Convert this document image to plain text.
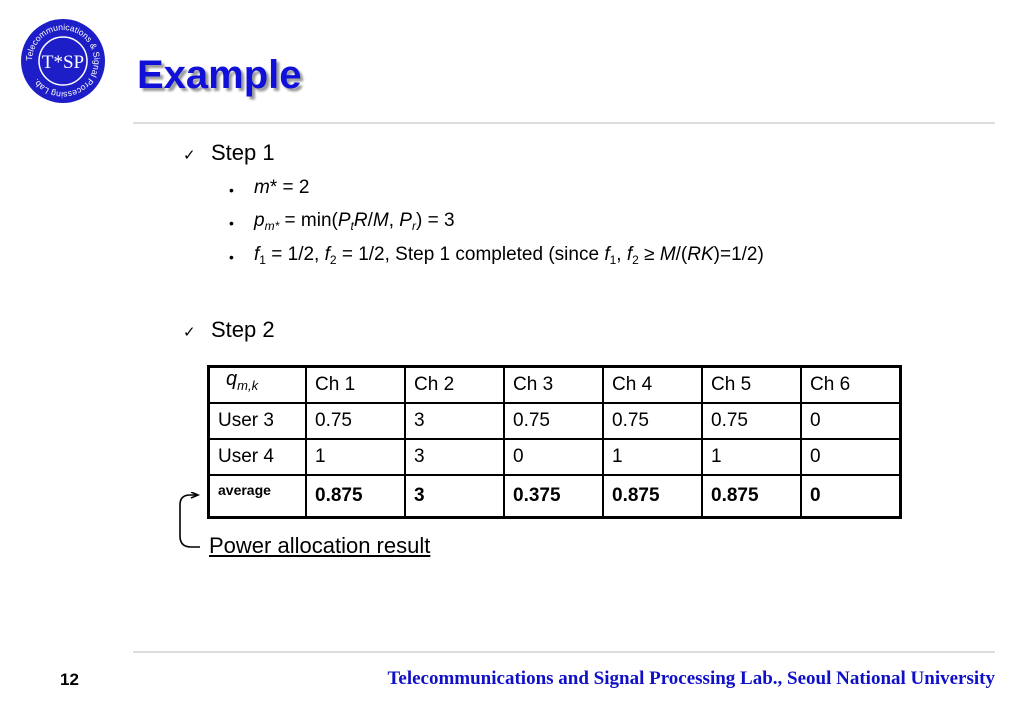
Telecommunications & Signal Processing Lab.
T*SP Example
✓ Step 1
• m* = 2
• $p_{m*} = \min(P_tR/M$, $P_r) = 3$
• $f_1 = 1/2$, $f_2 = 1/2$, Step 1 completed (since $f_1$, $f_2 \ge M/(RK)=1/2$)
✓ Step 2
$q_{m,k}$	Ch 1	Ch 2	Ch 3	Ch 4	Ch 5	Ch 6
User 3	0.75	3	0.75	0.75	0.75	0
User 4	1	3	0	1	1	0
average	0.875	3	0.375	0.875	0.875	0
Power allocation result
12	Telecommunications and Signal Processing Lab., Seoul National University
